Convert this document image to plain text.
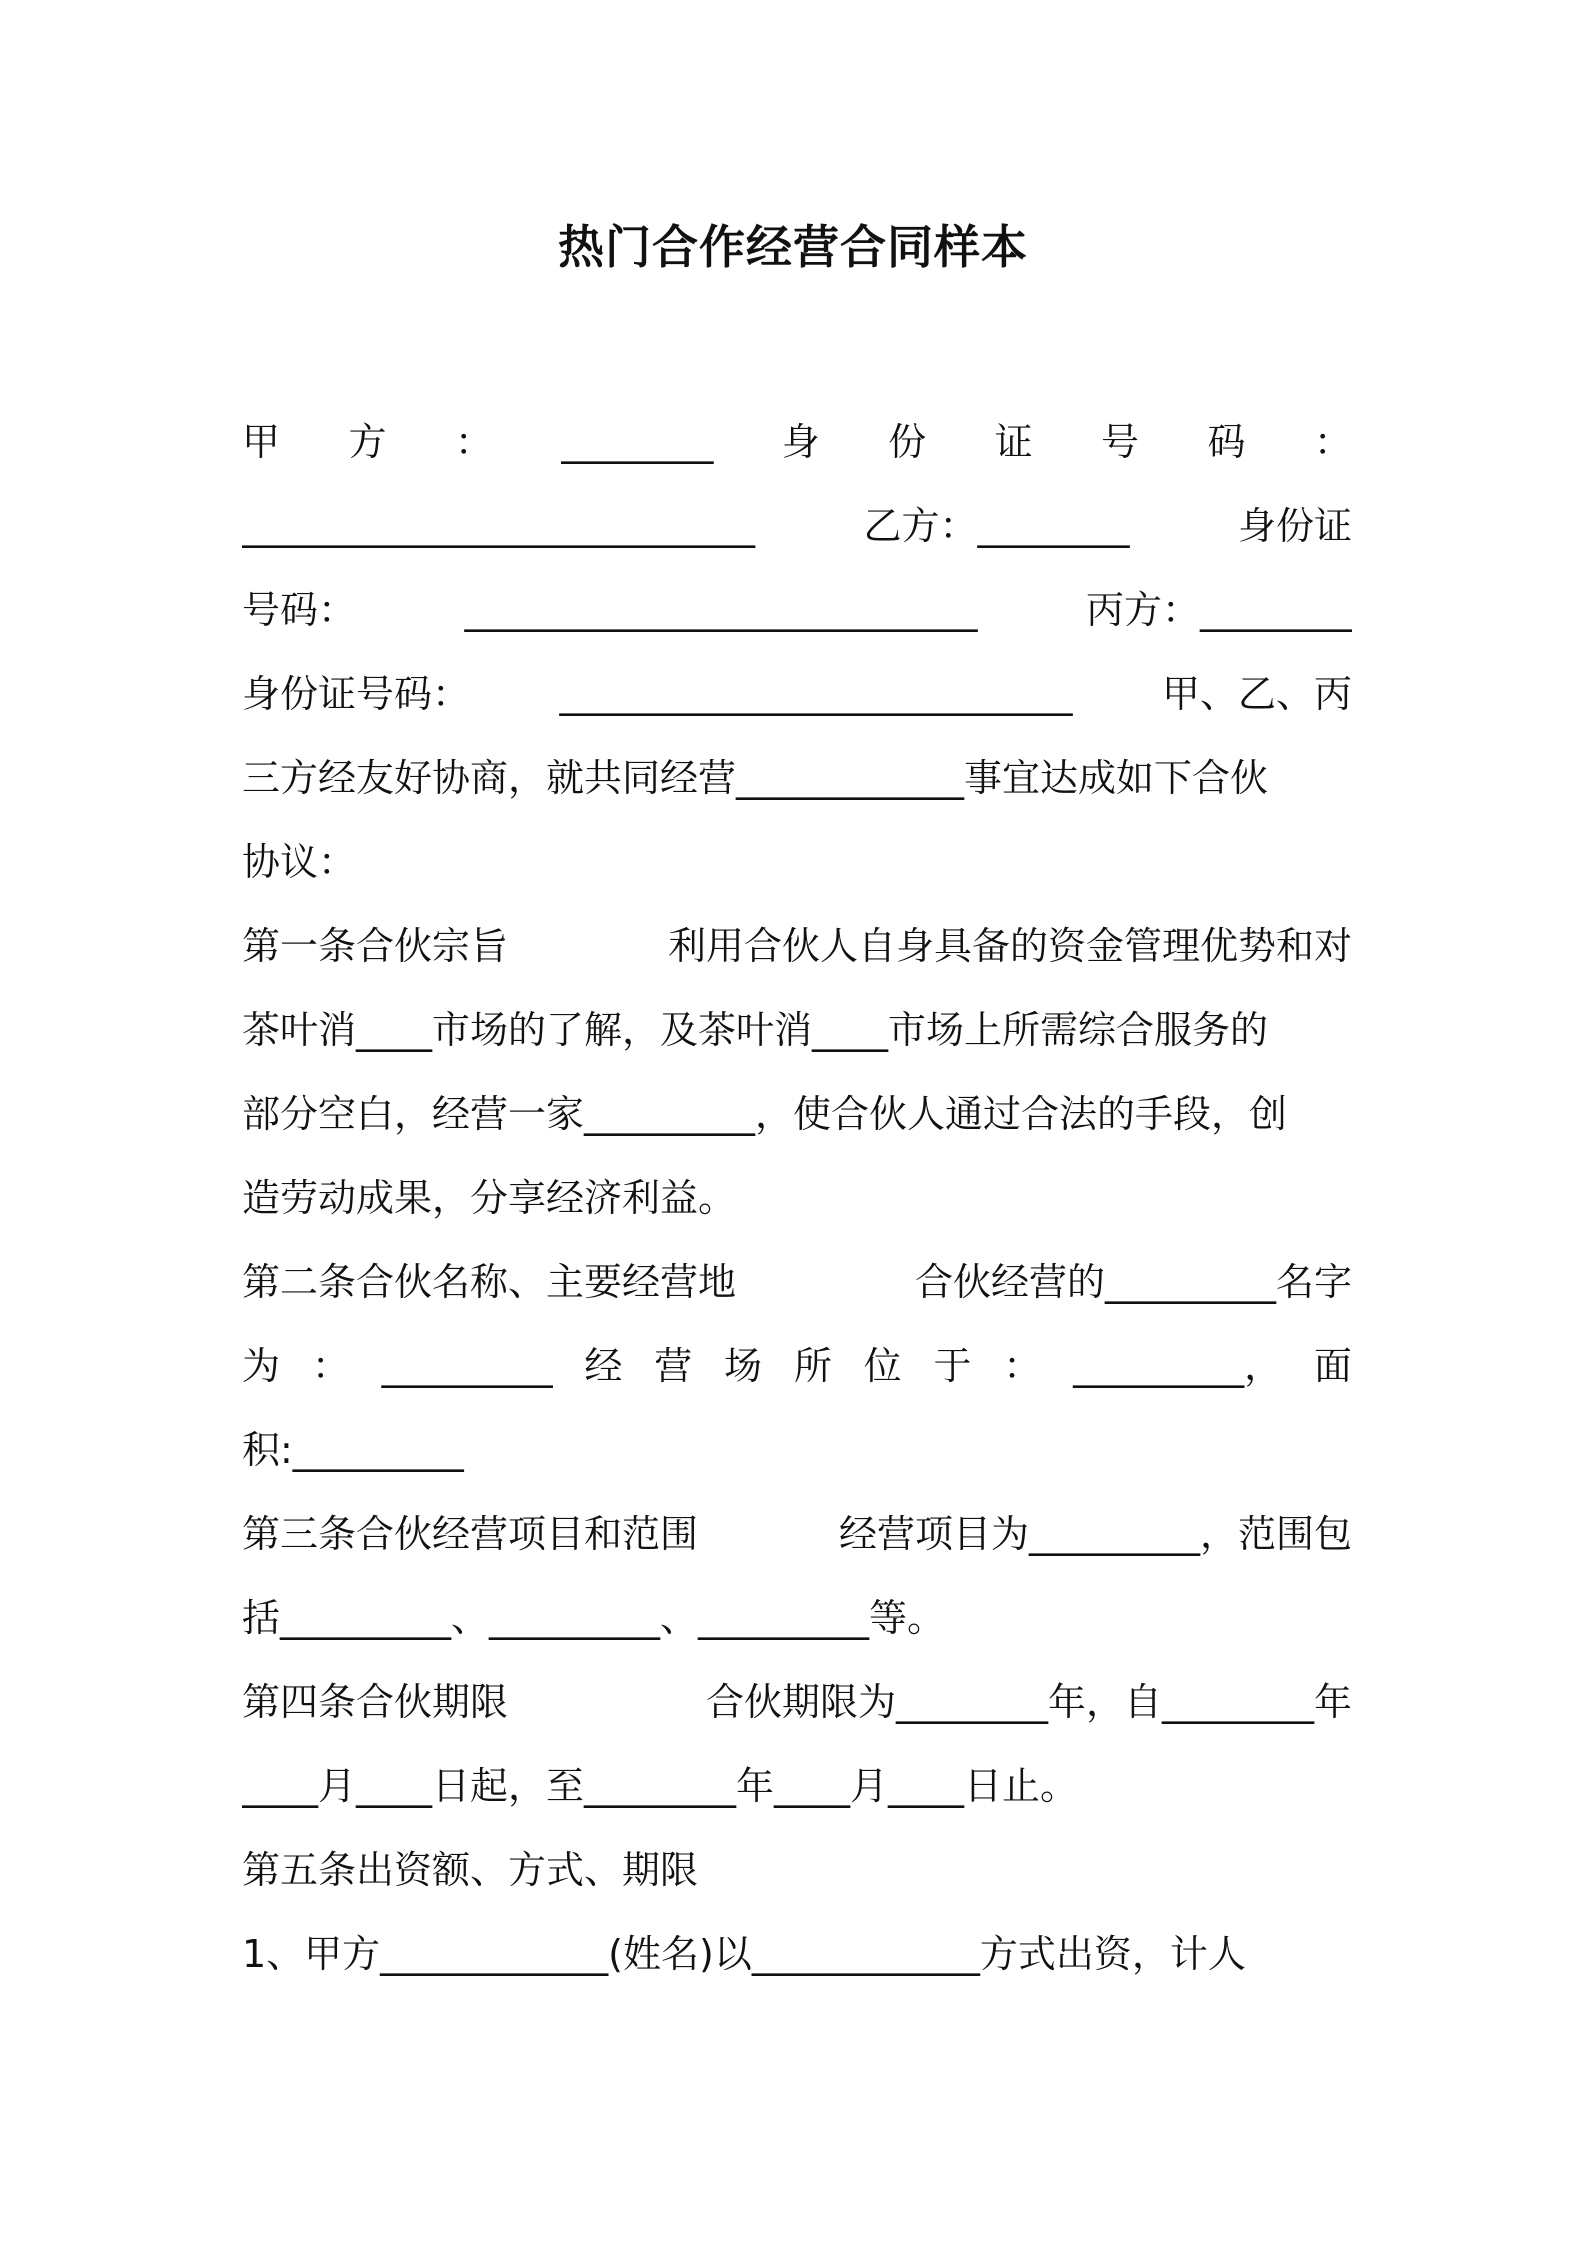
热门合作经营合同样本
甲 方 ： ________ 身 份 证 号 码 ：
___________________________	乙方：________	身份证
号码：	___________________________	丙方：________
身份证号码： ___________________________ 甲、乙、丙
三方经友好协商，就共同经营____________事宜达成如下合伙
协议：
第一条合伙宗旨	利用合伙人自身具备的资金管理优势和对
茶叶消____市场的了解，及茶叶消____市场上所需综合服务的
部分空白，经营一家_________，使合伙人通过合法的手段，创
造劳动成果，分享经济利益。
第二条合伙名称、主要经营地	合伙经营的_________名字
为 ： _________ 经 营 场 所 位 于 ： _________， 面
积:_________
第三条合伙经营项目和范围	经营项目为_________，范围包
括_________、_________、_________等。
第四条合伙期限	合伙期限为________年，自________年
____月____日起，至________年____月____日止。
第五条出资额、方式、期限
1、甲方____________(姓名)以____________方式出资，计人
